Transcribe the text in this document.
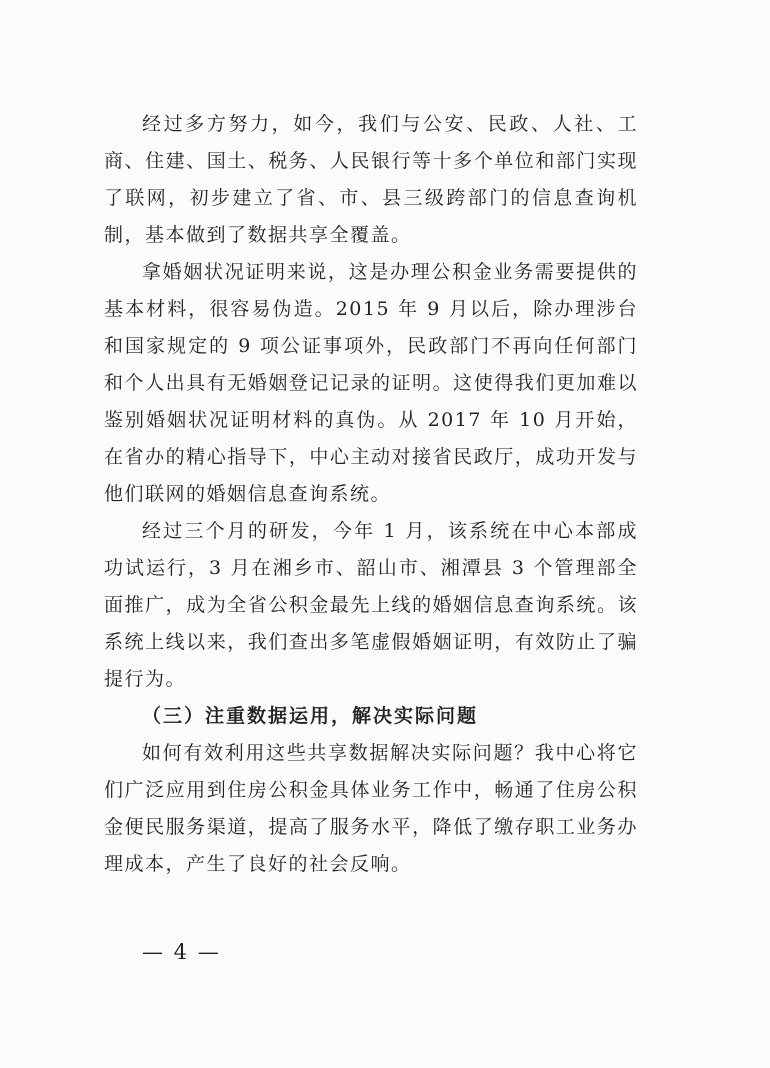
经过多方努力，如今，我们与公安、民政、人社、工商、住建、国土、税务、人民银行等十多个单位和部门实现了联网，初步建立了省、市、县三级跨部门的信息查询机制，基本做到了数据共享全覆盖。

拿婚姻状况证明来说，这是办理公积金业务需要提供的基本材料，很容易伪造。2015 年 9 月以后，除办理涉台和国家规定的 9 项公证事项外，民政部门不再向任何部门和个人出具有无婚姻登记记录的证明。这使得我们更加难以鉴别婚姻状况证明材料的真伪。从 2017 年 10 月开始，在省办的精心指导下，中心主动对接省民政厅，成功开发与他们联网的婚姻信息查询系统。

经过三个月的研发，今年 1 月，该系统在中心本部成功试运行，3 月在湘乡市、韶山市、湘潭县 3 个管理部全面推广，成为全省公积金最先上线的婚姻信息查询系统。该系统上线以来，我们查出多笔虚假婚姻证明，有效防止了骗提行为。

（三）注重数据运用，解决实际问题

如何有效利用这些共享数据解决实际问题？我中心将它们广泛应用到住房公积金具体业务工作中，畅通了住房公积金便民服务渠道，提高了服务水平，降低了缴存职工业务办理成本，产生了良好的社会反响。

— 4 —
